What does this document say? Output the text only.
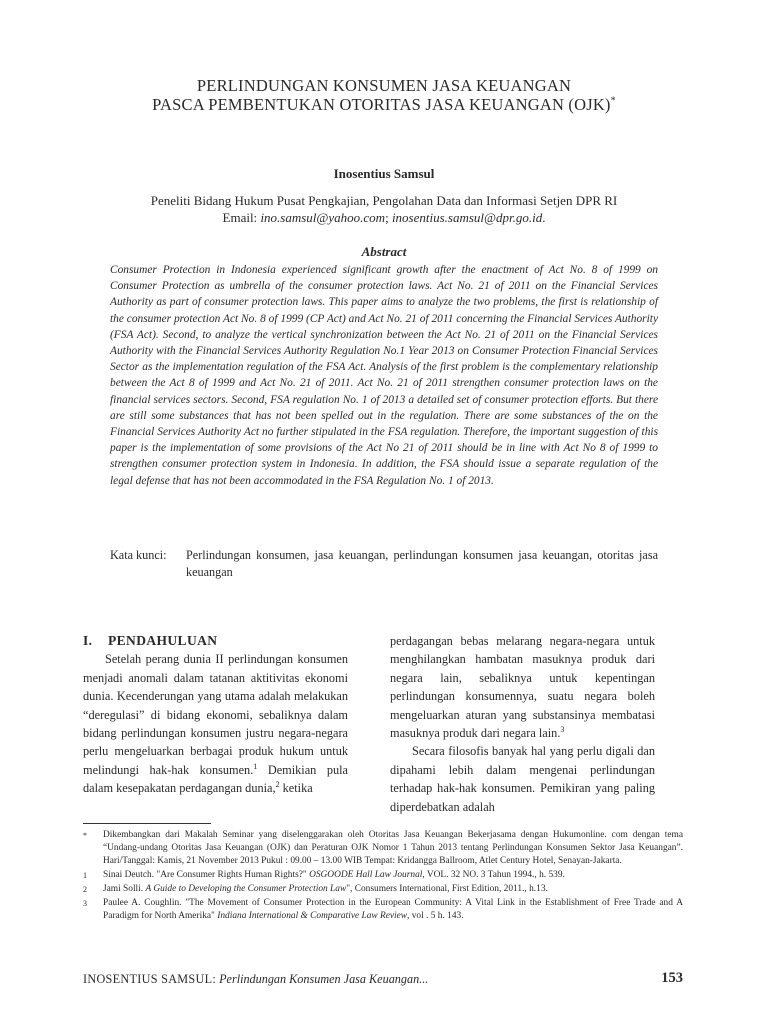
PERLINDUNGAN KONSUMEN JASA KEUANGAN
PASCA PEMBENTUKAN OTORITAS JASA KEUANGAN (OJK)*
Inosentius Samsul
Peneliti Bidang Hukum Pusat Pengkajian, Pengolahan Data dan Informasi Setjen DPR RI
Email: ino.samsul@yahoo.com; inosentius.samsul@dpr.go.id.
Abstract
Consumer Protection in Indonesia experienced significant growth after the enactment of Act No. 8 of 1999 on Consumer Protection as umbrella of the consumer protection laws. Act No. 21 of 2011 on the Financial Services Authority as part of consumer protection laws. This paper aims to analyze the two problems, the first is relationship of the consumer protection Act No. 8 of 1999 (CP Act) and Act No. 21 of 2011 concerning the Financial Services Authority (FSA Act). Second, to analyze the vertical synchronization between the Act No. 21 of 2011 on the Financial Services Authority with the Financial Services Authority Regulation No.1 Year 2013 on Consumer Protection Financial Services Sector as the implementation regulation of the FSA Act. Analysis of the first problem is the complementary relationship between the Act 8 of 1999 and Act No. 21 of 2011. Act No. 21 of 2011 strengthen consumer protection laws on the financial services sectors. Second, FSA regulation No. 1 of 2013 a detailed set of consumer protection efforts. But there are still some substances that has not been spelled out in the regulation. There are some substances of the on the Financial Services Authority Act no further stipulated in the FSA regulation. Therefore, the important suggestion of this paper is the implementation of some provisions of the Act No 21 of 2011 should be in line with Act No 8 of 1999 to strengthen consumer protection system in Indonesia. In addition, the FSA should issue a separate regulation of the legal defense that has not been accommodated in the FSA Regulation No. 1 of 2013.
Kata kunci: Perlindungan konsumen, jasa keuangan, perlindungan konsumen jasa keuangan, otoritas jasa keuangan
I. PENDAHULUAN

Setelah perang dunia II perlindungan konsumen menjadi anomali dalam tatanan aktitivitas ekonomi dunia. Kecenderungan yang utama adalah melakukan “deregulasi” di bidang ekonomi, sebaliknya dalam bidang perlindungan konsumen justru negara-negara perlu mengeluarkan berbagai produk hukum untuk melindungi hak-hak konsumen.$^1$ Demikian pula dalam kesepakatan perdagangan dunia,$^2$ ketika

perdagangan bebas melarang negara-negara untuk menghilangkan hambatan masuknya produk dari negara lain, sebaliknya untuk kepentingan perlindungan konsumennya, suatu negara boleh mengeluarkan aturan yang substansinya membatasi masuknya produk dari negara lain.$^3$

Secara filosofis banyak hal yang perlu digali dan dipahami lebih dalam mengenai perlindungan terhadap hak-hak konsumen. Pemikiran yang paling diperdebatkan adalah

* Dikembangkan dari Makalah Seminar yang diselenggarakan oleh Otoritas Jasa Keuangan Bekerjasama dengan Hukumonline. com dengan tema “Undang-undang Otoritas Jasa Keuangan (OJK) dan Peraturan OJK Nomor 1 Tahun 2013 tentang Perlindungan Konsumen Sektor Jasa Keuangan”. Hari/Tanggal: Kamis, 21 November 2013 Pukul : 09.00 – 13.00 WIB Tempat: Kridangga Ballroom, Atlet Century Hotel, Senayan-Jakarta.
1 Sinai Deutch. "Are Consumer Rights Human Rights?" OSGOODE Hall Law Journal, VOL. 32 NO. 3 Tahun 1994., h. 539.
2 Jami Solli. A Guide to Developing the Consumer Protection Law", Consumers International, First Edition, 2011., h.13.
3 Paulee A. Coughlin. "The Movement of Consumer Protection in the European Community: A Vital Link in the Establishment of Free Trade and A Paradigm for North Amerika" Indiana International & Comparative Law Review, vol . 5 h. 143.
INOSENTIUS SAMSUL: Perlindungan Konsumen Jasa Keuangan...	153
